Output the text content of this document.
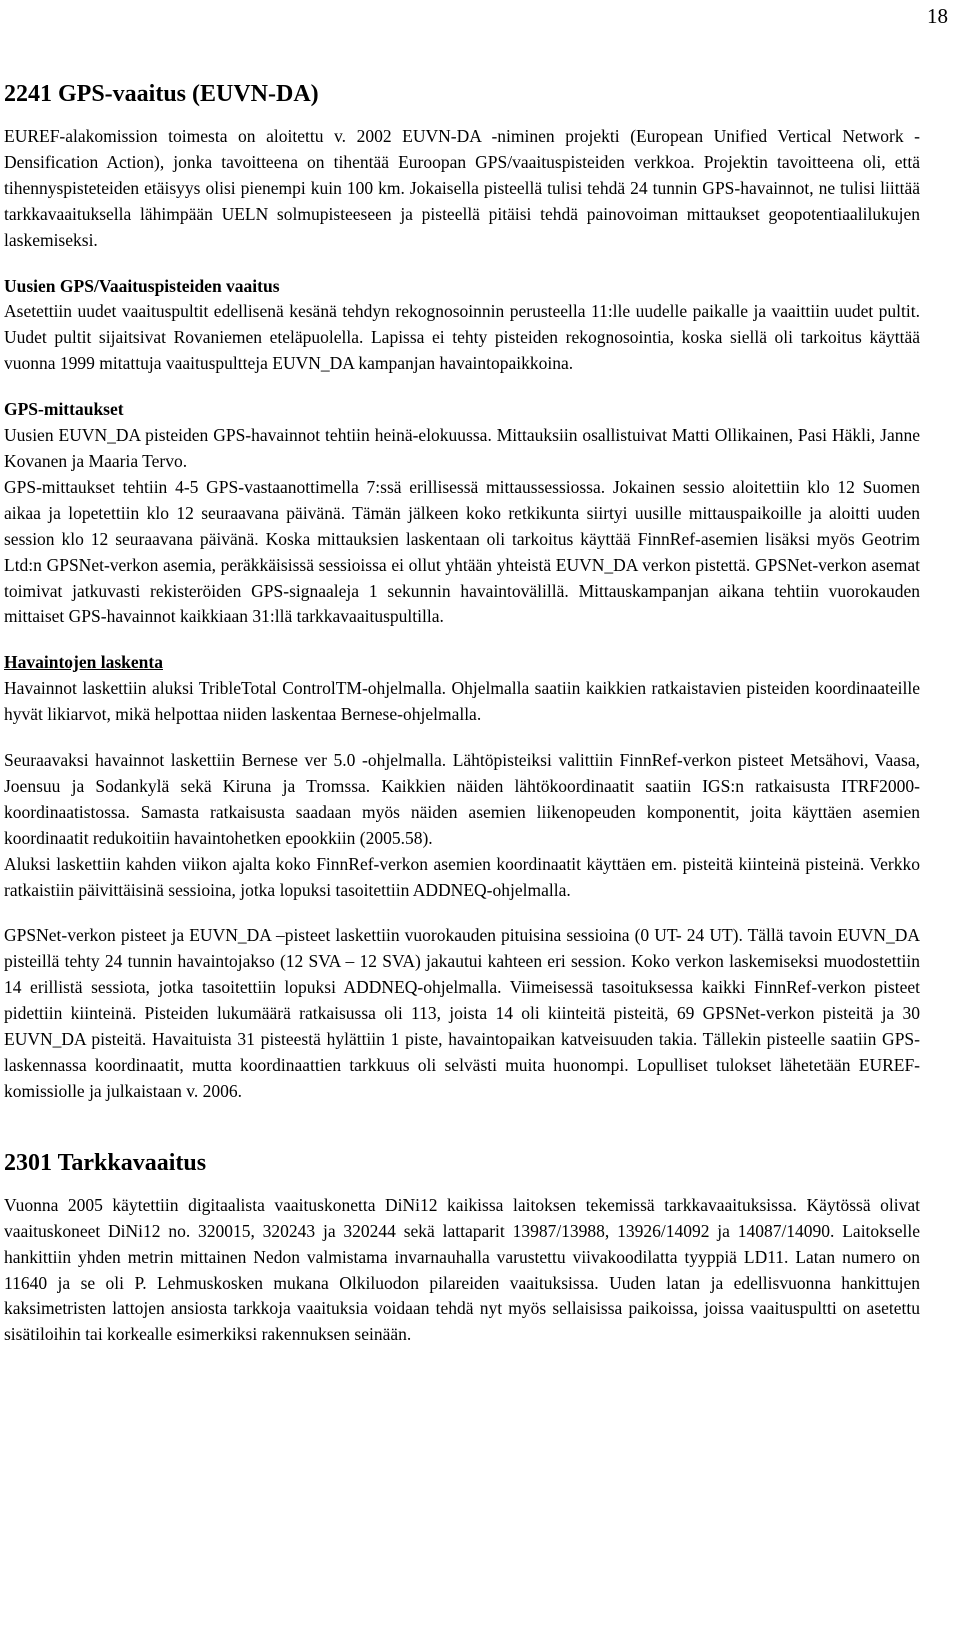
18
2241 GPS-vaaitus (EUVN-DA)

EUREF-alakomission toimesta on aloitettu v. 2002 EUVN-DA -niminen projekti (European Unified Vertical Network - Densification Action), jonka tavoitteena on tihentää Euroopan GPS/vaaituspisteiden verkkoa. Projektin tavoitteena oli, että tihennyspisteteiden etäisyys olisi pienempi kuin 100 km. Jokaisella pisteellä tulisi tehdä 24 tunnin GPS-havainnot, ne tulisi liittää tarkkavaaituksella lähimpään UELN solmupisteeseen ja pisteellä pitäisi tehdä painovoiman mittaukset geopotentiaalilukujen laskemiseksi.

Uusien GPS/Vaaituspisteiden vaaitus

Asetettiin uudet vaaituspultit edellisenä kesänä tehdyn rekognosoinnin perusteella 11:lle uudelle paikalle ja vaaittiin uudet pultit. Uudet pultit sijaitsivat Rovaniemen eteläpuolella. Lapissa ei tehty pisteiden rekognosointia, koska siellä oli tarkoitus käyttää vuonna 1999 mitattuja vaaituspultteja EUVN_DA kampanjan havaintopaikkoina.

GPS-mittaukset

Uusien EUVN_DA pisteiden GPS-havainnot tehtiin heinä-elokuussa. Mittauksiin osallistuivat Matti Ollikainen, Pasi Häkli, Janne Kovanen ja Maaria Tervo.

GPS-mittaukset tehtiin 4-5 GPS-vastaanottimella 7:ssä erillisessä mittaussessiossa. Jokainen sessio aloitettiin klo 12 Suomen aikaa ja lopetettiin klo 12 seuraavana päivänä. Tämän jälkeen koko retkikunta siirtyi uusille mittauspaikoille ja aloitti uuden session klo 12 seuraavana päivänä. Koska mittauksien laskentaan oli tarkoitus käyttää FinnRef-asemien lisäksi myös Geotrim Ltd:n GPSNet-verkon asemia, peräkkäisissä sessioissa ei ollut yhtään yhteistä EUVN_DA verkon pistettä. GPSNet-verkon asemat toimivat jatkuvasti rekisteröiden GPS-signaaleja 1 sekunnin havaintovälillä. Mittauskampanjan aikana tehtiin vuorokauden mittaiset GPS-havainnot kaikkiaan 31:llä tarkkavaaituspultilla.

Havaintojen laskenta

Havainnot laskettiin aluksi TribleTotal ControlTM-ohjelmalla. Ohjelmalla saatiin kaikkien ratkaistavien pisteiden koordinaateille hyvät likiarvot, mikä helpottaa niiden laskentaa Bernese-ohjelmalla.

Seuraavaksi havainnot laskettiin Bernese ver 5.0 -ohjelmalla. Lähtöpisteiksi valittiin FinnRef-verkon pisteet Metsähovi, Vaasa, Joensuu ja Sodankylä sekä Kiruna ja Tromssa. Kaikkien näiden lähtökoordinaatit saatiin IGS:n ratkaisusta ITRF2000-koordinaatistossa. Samasta ratkaisusta saadaan myös näiden asemien liikenopeuden komponentit, joita käyttäen asemien koordinaatit redukoitiin havaintohetken epookkiin (2005.58).

Aluksi laskettiin kahden viikon ajalta koko FinnRef-verkon asemien koordinaatit käyttäen em. pisteitä kiinteinä pisteinä. Verkko ratkaistiin päivittäisinä sessioina, jotka lopuksi tasoitettiin ADDNEQ-ohjelmalla.

GPSNet-verkon pisteet ja EUVN_DA –pisteet laskettiin vuorokauden pituisina sessioina (0 UT- 24 UT). Tällä tavoin EUVN_DA pisteillä tehty 24 tunnin havaintojakso (12 SVA – 12 SVA) jakautui kahteen eri session. Koko verkon laskemiseksi muodostettiin 14 erillistä sessiota, jotka tasoitettiin lopuksi ADDNEQ-ohjelmalla. Viimeisessä tasoituksessa kaikki FinnRef-verkon pisteet pidettiin kiinteinä. Pisteiden lukumäärä ratkaisussa oli 113, joista 14 oli kiinteitä pisteitä, 69 GPSNet-verkon pisteitä ja 30 EUVN_DA pisteitä. Havaituista 31 pisteestä hylättiin 1 piste, havaintopaikan katveisuuden takia. Tällekin pisteelle saatiin GPS-laskennassa koordinaatit, mutta koordinaattien tarkkuus oli selvästi muita huonompi. Lopulliset tulokset lähetetään EUREF-komissiolle ja julkaistaan v. 2006.

2301 Tarkkavaaitus

Vuonna 2005 käytettiin digitaalista vaaituskonetta DiNi12 kaikissa laitoksen tekemissä tarkkavaaituksissa. Käytössä olivat vaaituskoneet DiNi12 no. 320015, 320243 ja 320244 sekä lattaparit 13987/13988, 13926/14092 ja 14087/14090. Laitokselle hankittiin yhden metrin mittainen Nedon valmistama invarnauhalla varustettu viivakoodilatta tyyppiä LD11. Latan numero on 11640 ja se oli P. Lehmuskosken mukana Olkiluodon pilareiden vaaituksissa. Uuden latan ja edellisvuonna hankittujen kaksimetristen lattojen ansiosta tarkkoja vaaituksia voidaan tehdä nyt myös sellaisissa paikoissa, joissa vaaituspultti on asetettu sisätiloihin tai korkealle esimerkiksi rakennuksen seinään.
